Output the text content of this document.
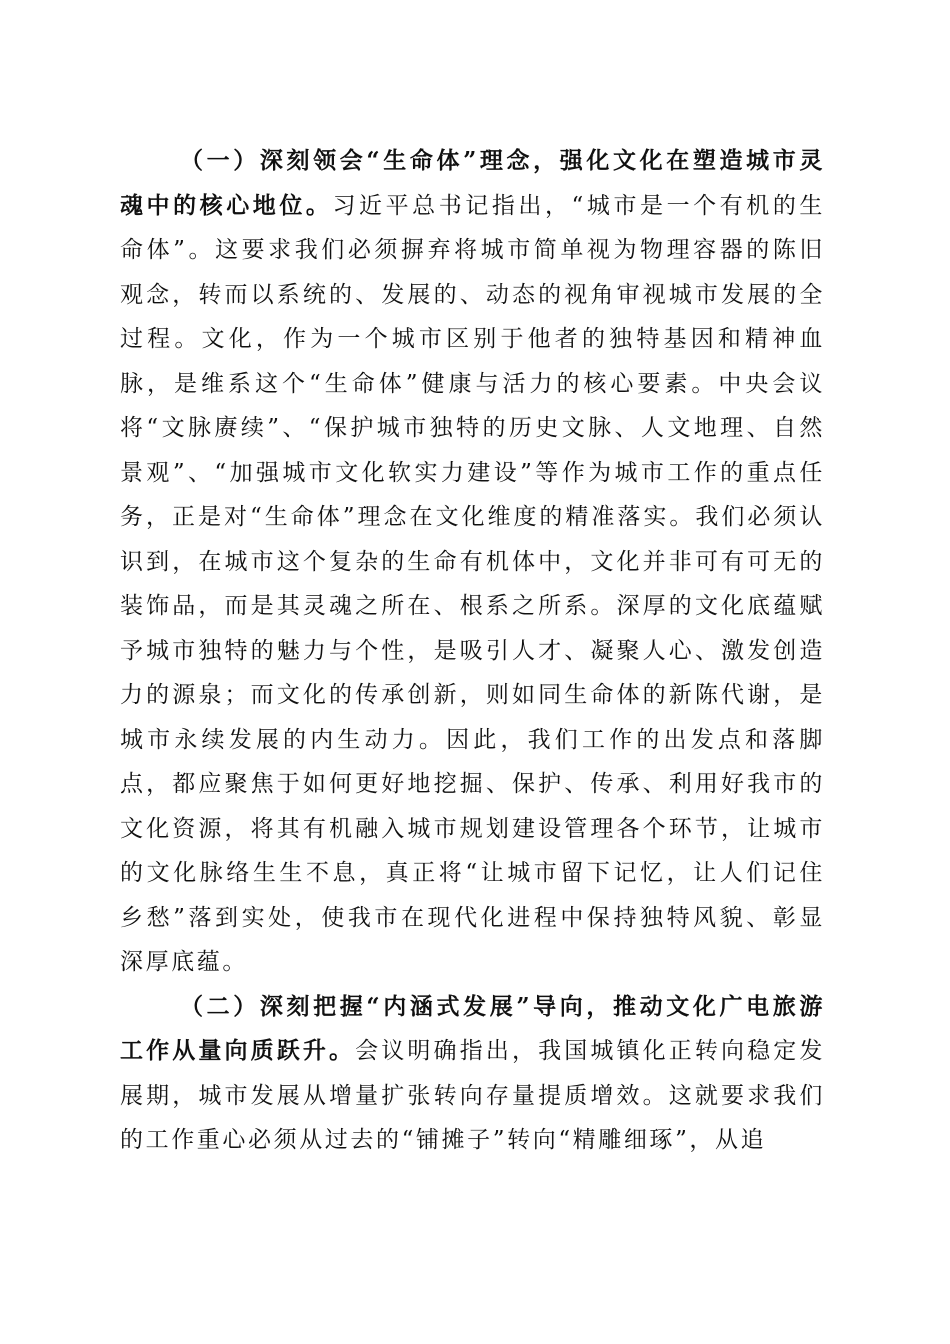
（一）深刻领会“生命体”理念，强化文化在塑造城市灵魂中的核心地位。习近平总书记指出，“城市是一个有机的生命体”。这要求我们必须摒弃将城市简单视为物理容器的陈旧观念，转而以系统的、发展的、动态的视角审视城市发展的全过程。文化，作为一个城市区别于他者的独特基因和精神血脉，是维系这个“生命体”健康与活力的核心要素。中央会议将“文脉赓续”、“保护城市独特的历史文脉、人文地理、自然景观”、“加强城市文化软实力建设”等作为城市工作的重点任务，正是对“生命体”理念在文化维度的精准落实。我们必须认识到，在城市这个复杂的生命有机体中，文化并非可有可无的装饰品，而是其灵魂之所在、根系之所系。深厚的文化底蕴赋予城市独特的魅力与个性，是吸引人才、凝聚人心、激发创造力的源泉；而文化的传承创新，则如同生命体的新陈代谢，是城市永续发展的内生动力。因此，我们工作的出发点和落脚点，都应聚焦于如何更好地挖掘、保护、传承、利用好我市的文化资源，将其有机融入城市规划建设管理各个环节，让城市的文化脉络生生不息，真正将“让城市留下记忆，让人们记住乡愁”落到实处，使我市在现代化进程中保持独特风貌、彰显深厚底蕴。

（二）深刻把握“内涵式发展”导向，推动文化广电旅游工作从量向质跃升。会议明确指出，我国城镇化正转向稳定发展期，城市发展从增量扩张转向存量提质增效。这就要求我们的工作重心必须从过去的“铺摊子”转向“精雕细琢”，从追
